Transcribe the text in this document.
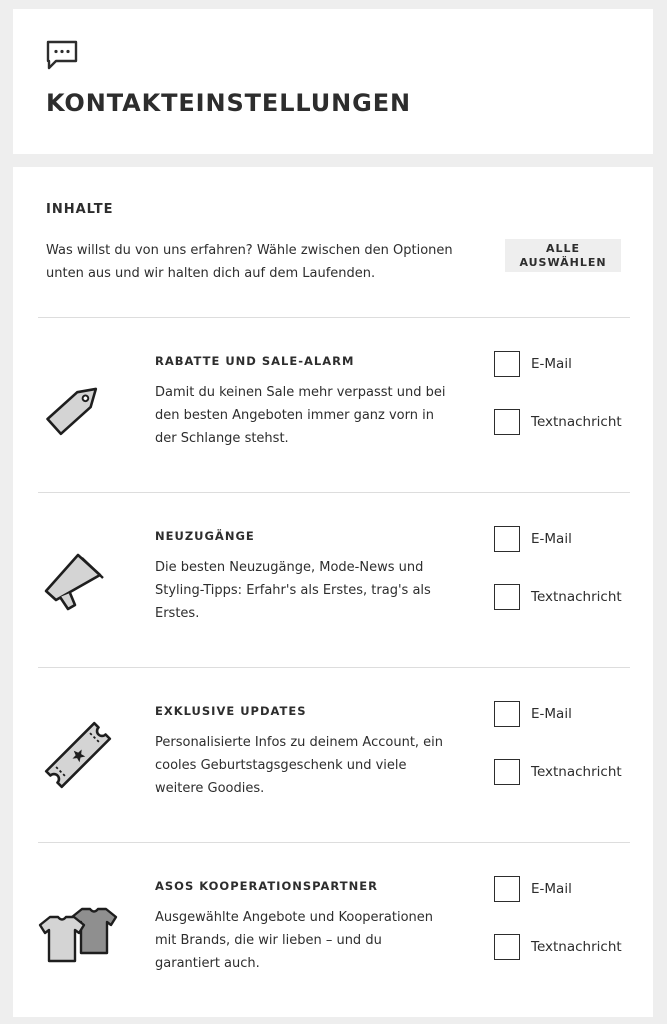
KONTAKTEINSTELLUNGEN
INHALTE

Was willst du von uns erfahren? Wähle zwischen den Optionen unten aus und wir halten dich auf dem Laufenden.

ALLE
AUSWÄHLEN
RABATTE UND SALE-ALARM

Damit du keinen Sale mehr verpasst und bei den besten Angeboten immer ganz vorn in der Schlange stehst.

E-Mail
Textnachricht
NEUZUGÄNGE

Die besten Neuzugänge, Mode-News und Styling-Tipps: Erfahr's als Erstes, trag's als Erstes.

E-Mail
Textnachricht
EXKLUSIVE UPDATES

Personalisierte Infos zu deinem Account, ein cooles Geburtstagsgeschenk und viele weitere Goodies.

E-Mail
Textnachricht
ASOS KOOPERATIONSPARTNER

Ausgewählte Angebote und Kooperationen mit Brands, die wir lieben – und du garantiert auch.

E-Mail
Textnachricht
